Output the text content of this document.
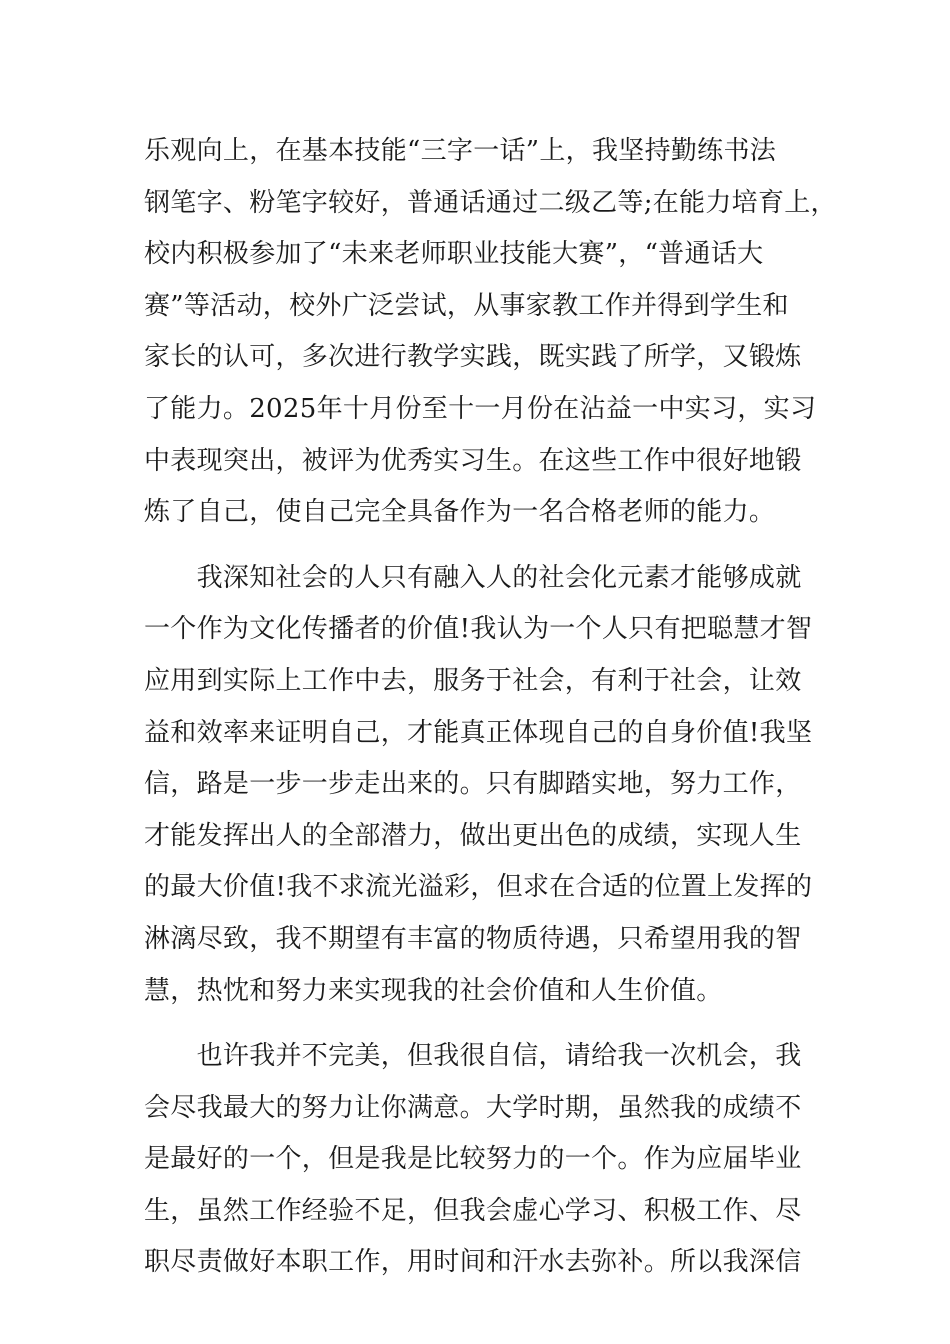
乐观向上，在基本技能“三字一话”上，我坚持勤练书法
钢笔字、粉笔字较好，普通话通过二级乙等;在能力培育上，
校内积极参加了“未来老师职业技能大赛”，“普通话大
赛”等活动，校外广泛尝试，从事家教工作并得到学生和
家长的认可，多次进行教学实践，既实践了所学，又锻炼
了能力。2025年十月份至十一月份在沾益一中实习，实习
中表现突出，被评为优秀实习生。在这些工作中很好地锻
炼了自己，使自己完全具备作为一名合格老师的能力。
　　我深知社会的人只有融入人的社会化元素才能够成就
一个作为文化传播者的价值!我认为一个人只有把聪慧才智
应用到实际上工作中去，服务于社会，有利于社会，让效
益和效率来证明自己，才能真正体现自己的自身价值!我坚
信，路是一步一步走出来的。只有脚踏实地，努力工作，
才能发挥出人的全部潜力，做出更出色的成绩，实现人生
的最大价值!我不求流光溢彩，但求在合适的位置上发挥的
淋漓尽致，我不期望有丰富的物质待遇，只希望用我的智
慧，热忱和努力来实现我的社会价值和人生价值。
　　也许我并不完美，但我很自信，请给我一次机会，我
会尽我最大的努力让你满意。大学时期，虽然我的成绩不
是最好的一个，但是我是比较努力的一个。作为应届毕业
生，虽然工作经验不足，但我会虚心学习、积极工作、尽
职尽责做好本职工作，用时间和汗水去弥补。所以我深信
